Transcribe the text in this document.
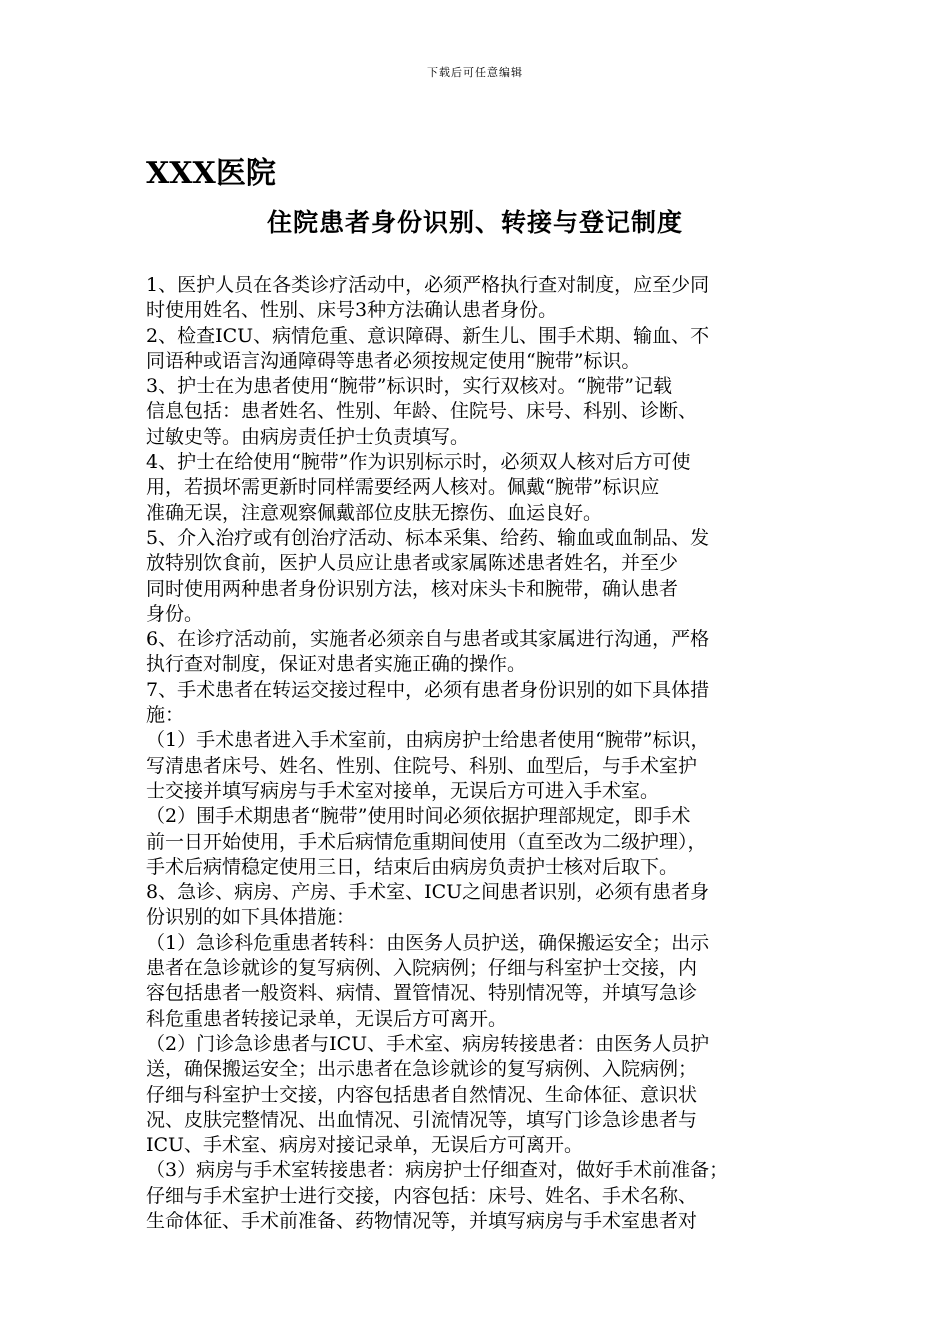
下载后可任意编辑
XXX医院
住院患者身份识别、转接与登记制度
1、医护人员在各类诊疗活动中，必须严格执行查对制度，应至少同
时使用姓名、性别、床号3种方法确认患者身份。
2、检查ICU、病情危重、意识障碍、新生儿、围手术期、输血、不
同语种或语言沟通障碍等患者必须按规定使用“腕带”标识。
3、护士在为患者使用“腕带”标识时，实行双核对。“腕带”记载
信息包括：患者姓名、性别、年龄、住院号、床号、科别、诊断、
过敏史等。由病房责任护士负责填写。
4、护士在给使用“腕带”作为识别标示时，必须双人核对后方可使
用，若损坏需更新时同样需要经两人核对。佩戴“腕带”标识应
准确无误，注意观察佩戴部位皮肤无擦伤、血运良好。
5、介入治疗或有创治疗活动、标本采集、给药、输血或血制品、发
放特别饮食前，医护人员应让患者或家属陈述患者姓名，并至少
同时使用两种患者身份识别方法，核对床头卡和腕带，确认患者
身份。
6、在诊疗活动前，实施者必须亲自与患者或其家属进行沟通，严格
执行查对制度，保证对患者实施正确的操作。
7、手术患者在转运交接过程中，必须有患者身份识别的如下具体措
施：
（1）手术患者进入手术室前，由病房护士给患者使用“腕带”标识，
写清患者床号、姓名、性别、住院号、科别、血型后，与手术室护
士交接并填写病房与手术室对接单，无误后方可进入手术室。
（2）围手术期患者“腕带”使用时间必须依据护理部规定，即手术
前一日开始使用，手术后病情危重期间使用（直至改为二级护理），
手术后病情稳定使用三日，结束后由病房负责护士核对后取下。
8、急诊、病房、产房、手术室、ICU之间患者识别，必须有患者身
份识别的如下具体措施：
（1）急诊科危重患者转科：由医务人员护送，确保搬运安全；出示
患者在急诊就诊的复写病例、入院病例；仔细与科室护士交接，内
容包括患者一般资料、病情、置管情况、特别情况等，并填写急诊
科危重患者转接记录单，无误后方可离开。
（2）门诊急诊患者与ICU、手术室、病房转接患者：由医务人员护
送，确保搬运安全；出示患者在急诊就诊的复写病例、入院病例；
仔细与科室护士交接，内容包括患者自然情况、生命体征、意识状
况、皮肤完整情况、出血情况、引流情况等，填写门诊急诊患者与
ICU、手术室、病房对接记录单，无误后方可离开。
（3）病房与手术室转接患者：病房护士仔细查对，做好手术前准备；
仔细与手术室护士进行交接，内容包括：床号、姓名、手术名称、
生命体征、手术前准备、药物情况等，并填写病房与手术室患者对
